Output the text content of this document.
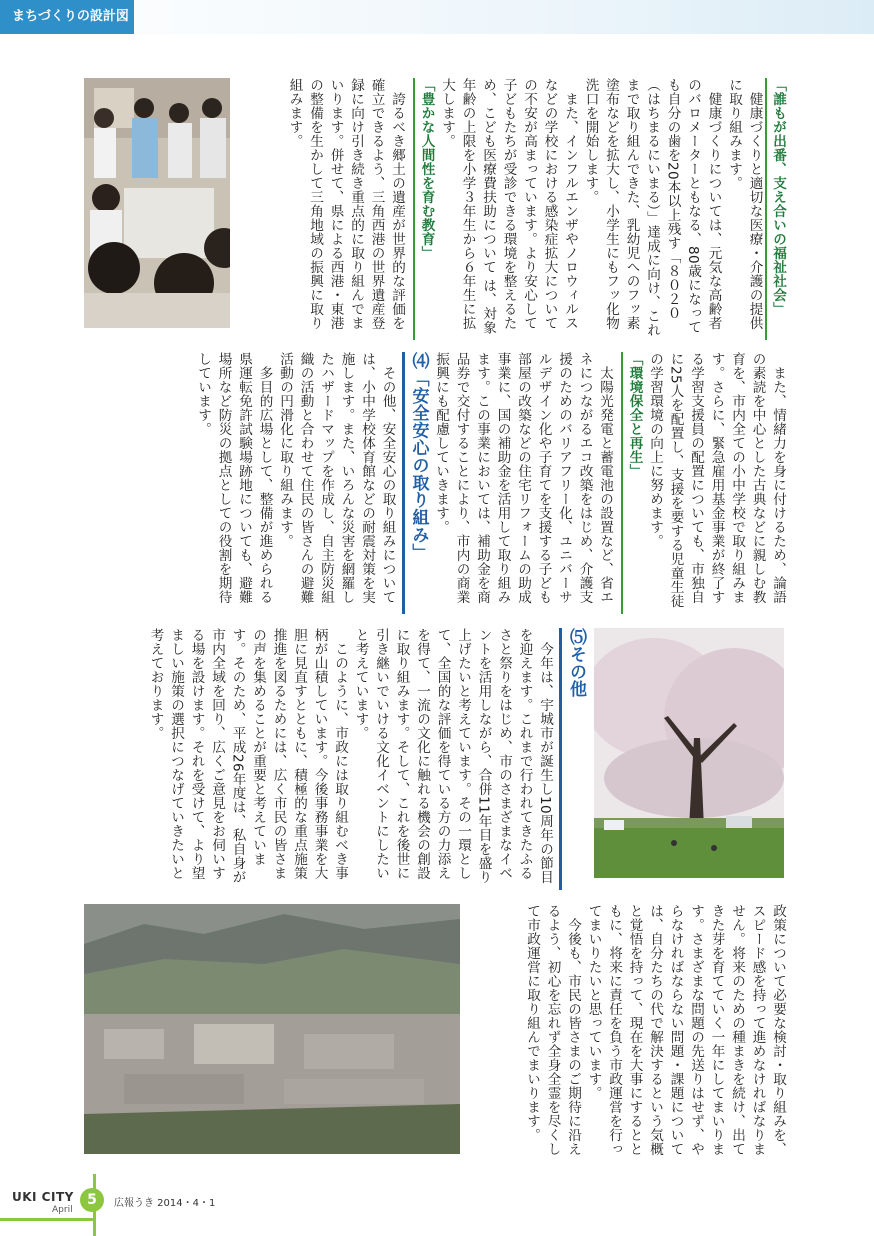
まちづくりの設計図
「誰もが出番、支え合いの福祉社会」

健康づくりと適切な医療・介護の提供に取り組みます。

健康づくりについては、元気な高齢者のバロメーターともなる、80歳になっても自分の歯を20本以上残す「８０２０（はちまるにいまる）」達成に向け、これまで取り組んできた、乳幼児へのフッ素塗布などを拡大し、小学生にもフッ化物洗口を開始します。

また、インフルエンザやノロウィルスなどの学校における感染症拡大についての不安が高まっています。より安心して子どもたちが受診できる環境を整えるため、こども医療費扶助について は、対象年齢の上限を小学３年生から６年生に拡大します。

「豊かな人間性を育む教育」

誇るべき郷土の遺産が世界的な評価を確立できるよう、三角西港の世界遺産登録に向け引き続き重点的に取り組んでまいります。併せて、県による西港・東港の整備を生かして三角地域の振興に取り組みます。

また、情緒力を身に付けるため、論語の素読を中心とした古典などに親しむ教育を、市内全ての小中学校で取り組みます。さらに、緊急雇用基金事業が終了する学習支援員の配置についても、市独自に25人を配置し、支援を要する児童生徒の学習環境の向上に努めます。

「環境保全と再生」

太陽光発電と蓄電池の設置など、省エネにつながるエコ改築をはじめ、介護支援のためのバリアフリー化、ユニバーサルデザイン化や子育てを支援する子ども部屋の改築などの住宅リフォームの助成事業に、国の補助金を活用して取り組みます。この事業においては、補助金を商品券で交付することにより、市内の商業振興にも配慮していきます。

⑷「安全安心の取り組み」

その他、安全安心の取り組みについては、小中学校体育館などの耐震対策を実施します。また、いろんな災害を網羅したハザードマップを作成し、自主防災組織の活動と合わせて住民の皆さんの避難活動の円滑化に取り組みます。

多目的広場として、整備が進められる県運転免許試験場跡地についても、避難場所など防災の拠点としての役割を期待しています。

⑸その他

今年は、宇城市が誕生し10周年の節目を迎えます。これまで行われてきたふるさと祭りをはじめ、市のさまざまなイベントを活用しながら、合併11年目を盛り上げたいと考えています。その一環として、全国的な評価を得ている方の力添えを得て、一流の文化に触れる機会の創設に取り組みます。そして、これを後世に引き継いでいける文化イベントにしたいと考えています。

このように、市政には取り組むべき事柄が山積しています。今後事務事業を大胆に見直すとともに、積極的な重点施策推進を図るためには、広く市民の皆さまの声を集めることが重要と考えています。そのため、平成26年度は、私自身が市内全域を回り、広くご意見をお伺いする場を設けます。それを受けて、より望ましい施策の選択につなげていきたいと考えております。

政策について必要な検討・取り組みを、スピード感を持って進めなければなりません。将来のための種まきを続け、出てきた芽を育てていく一年にしてまいります。さまざまな問題の先送りはせず、やらなければならない問題・課題については、自分たちの代で解決するという気概と覚悟を持って、現在を大事にするとともに、将来に責任を負う市政運営を行ってまいりたいと思っています。

今後も、市民の皆さまのご期待に沿えるよう、初心を忘れず全身全霊を尽くして市政運営に取り組んでまいります。

UKI CITY
April
5	広報うき 2014・4・1
